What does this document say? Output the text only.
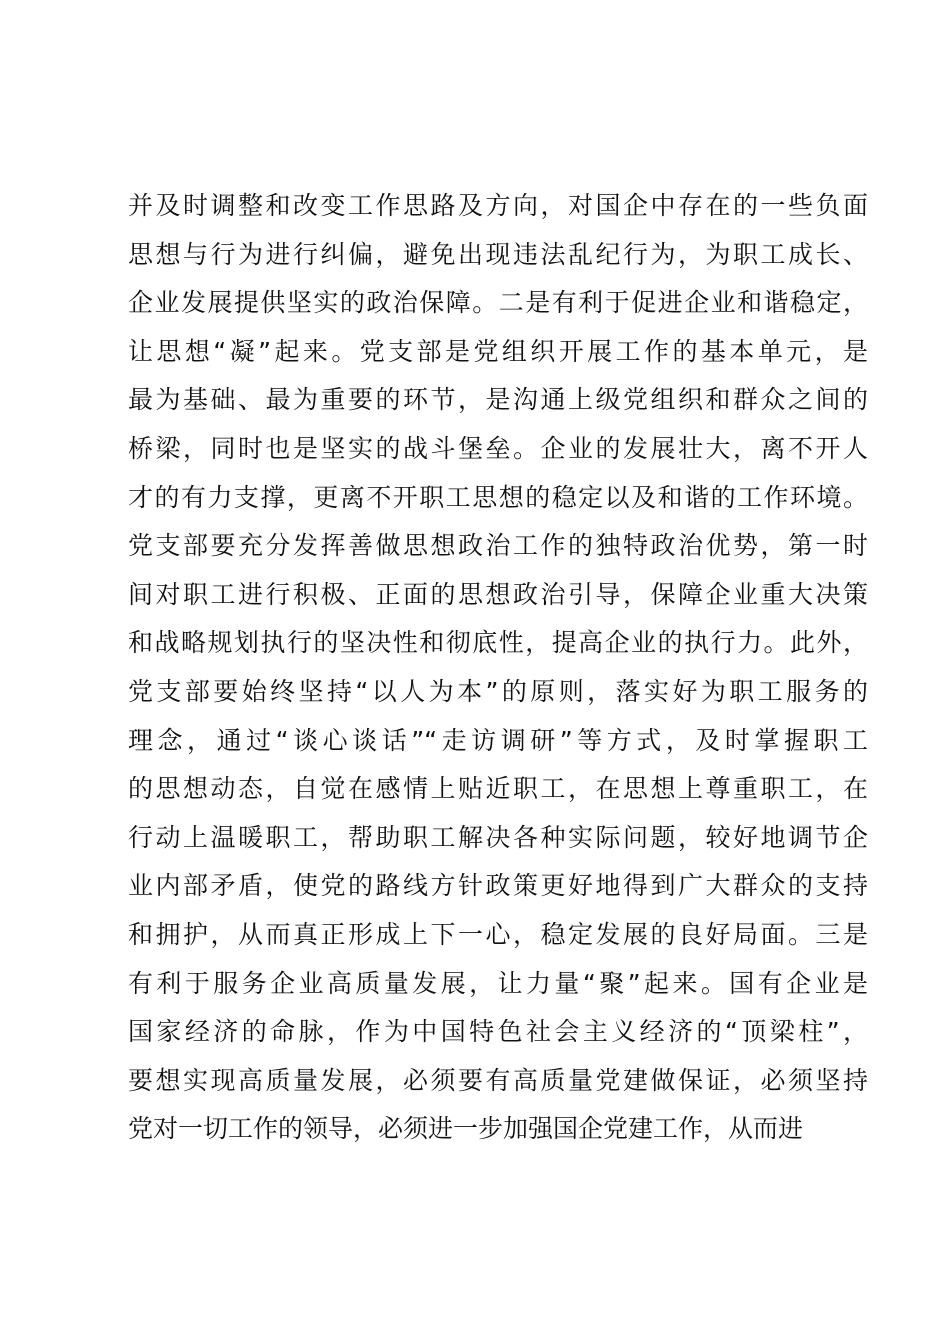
并及时调整和改变工作思路及方向，对国企中存在的一些负面
思想与行为进行纠偏，避免出现违法乱纪行为，为职工成长、
企业发展提供坚实的政治保障。二是有利于促进企业和谐稳定，
让思想“凝”起来。党支部是党组织开展工作的基本单元，是
最为基础、最为重要的环节，是沟通上级党组织和群众之间的
桥梁，同时也是坚实的战斗堡垒。企业的发展壮大，离不开人
才的有力支撑，更离不开职工思想的稳定以及和谐的工作环境。
党支部要充分发挥善做思想政治工作的独特政治优势，第一时
间对职工进行积极、正面的思想政治引导，保障企业重大决策
和战略规划执行的坚决性和彻底性，提高企业的执行力。此外，
党支部要始终坚持“以人为本”的原则，落实好为职工服务的
理念，通过“谈心谈话”“走访调研”等方式，及时掌握职工
的思想动态，自觉在感情上贴近职工，在思想上尊重职工，在
行动上温暖职工，帮助职工解决各种实际问题，较好地调节企
业内部矛盾，使党的路线方针政策更好地得到广大群众的支持
和拥护，从而真正形成上下一心，稳定发展的良好局面。三是
有利于服务企业高质量发展，让力量“聚”起来。国有企业是
国家经济的命脉，作为中国特色社会主义经济的“顶梁柱”，
要想实现高质量发展，必须要有高质量党建做保证，必须坚持
党对一切工作的领导，必须进一步加强国企党建工作，从而进
